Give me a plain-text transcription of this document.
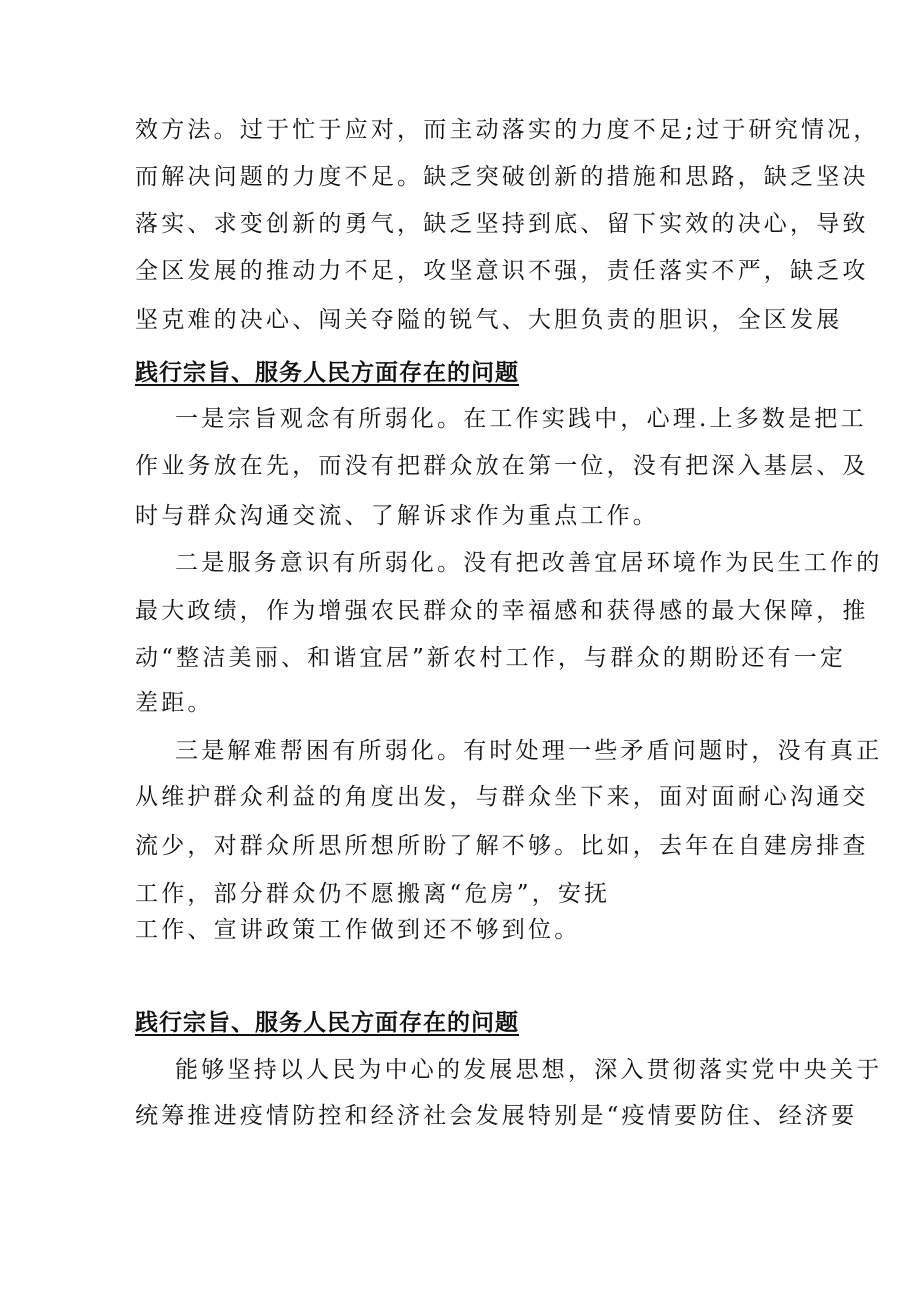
效方法。过于忙于应对，而主动落实的力度不足;过于研究情况，
而解决问题的力度不足。缺乏突破创新的措施和思路，缺乏坚决
落实、求变创新的勇气，缺乏坚持到底、留下实效的决心，导致
全区发展的推动力不足，攻坚意识不强，责任落实不严，缺乏攻
坚克难的决心、闯关夺隘的锐气、大胆负责的胆识，全区发展
践行宗旨、服务人民方面存在的问题
一是宗旨观念有所弱化。在工作实践中，心理.上多数是把工
作业务放在先，而没有把群众放在第一位，没有把深入基层、及
时与群众沟通交流、了解诉求作为重点工作。
二是服务意识有所弱化。没有把改善宜居环境作为民生工作的
最大政绩，作为增强农民群众的幸福感和获得感的最大保障，推
动“整洁美丽、和谐宜居”新农村工作，与群众的期盼还有一定
差距。
三是解难帮困有所弱化。有时处理一些矛盾问题时，没有真正
从维护群众利益的角度出发，与群众坐下来，面对面耐心沟通交
流少，对群众所思所想所盼了解不够。比如，去年在自建房排查
工作，部分群众仍不愿搬离“危房”，安抚
工作、宣讲政策工作做到还不够到位。
践行宗旨、服务人民方面存在的问题
能够坚持以人民为中心的发展思想，深入贯彻落实党中央关于
统筹推进疫情防控和经济社会发展特别是“疫情要防住、经济要
